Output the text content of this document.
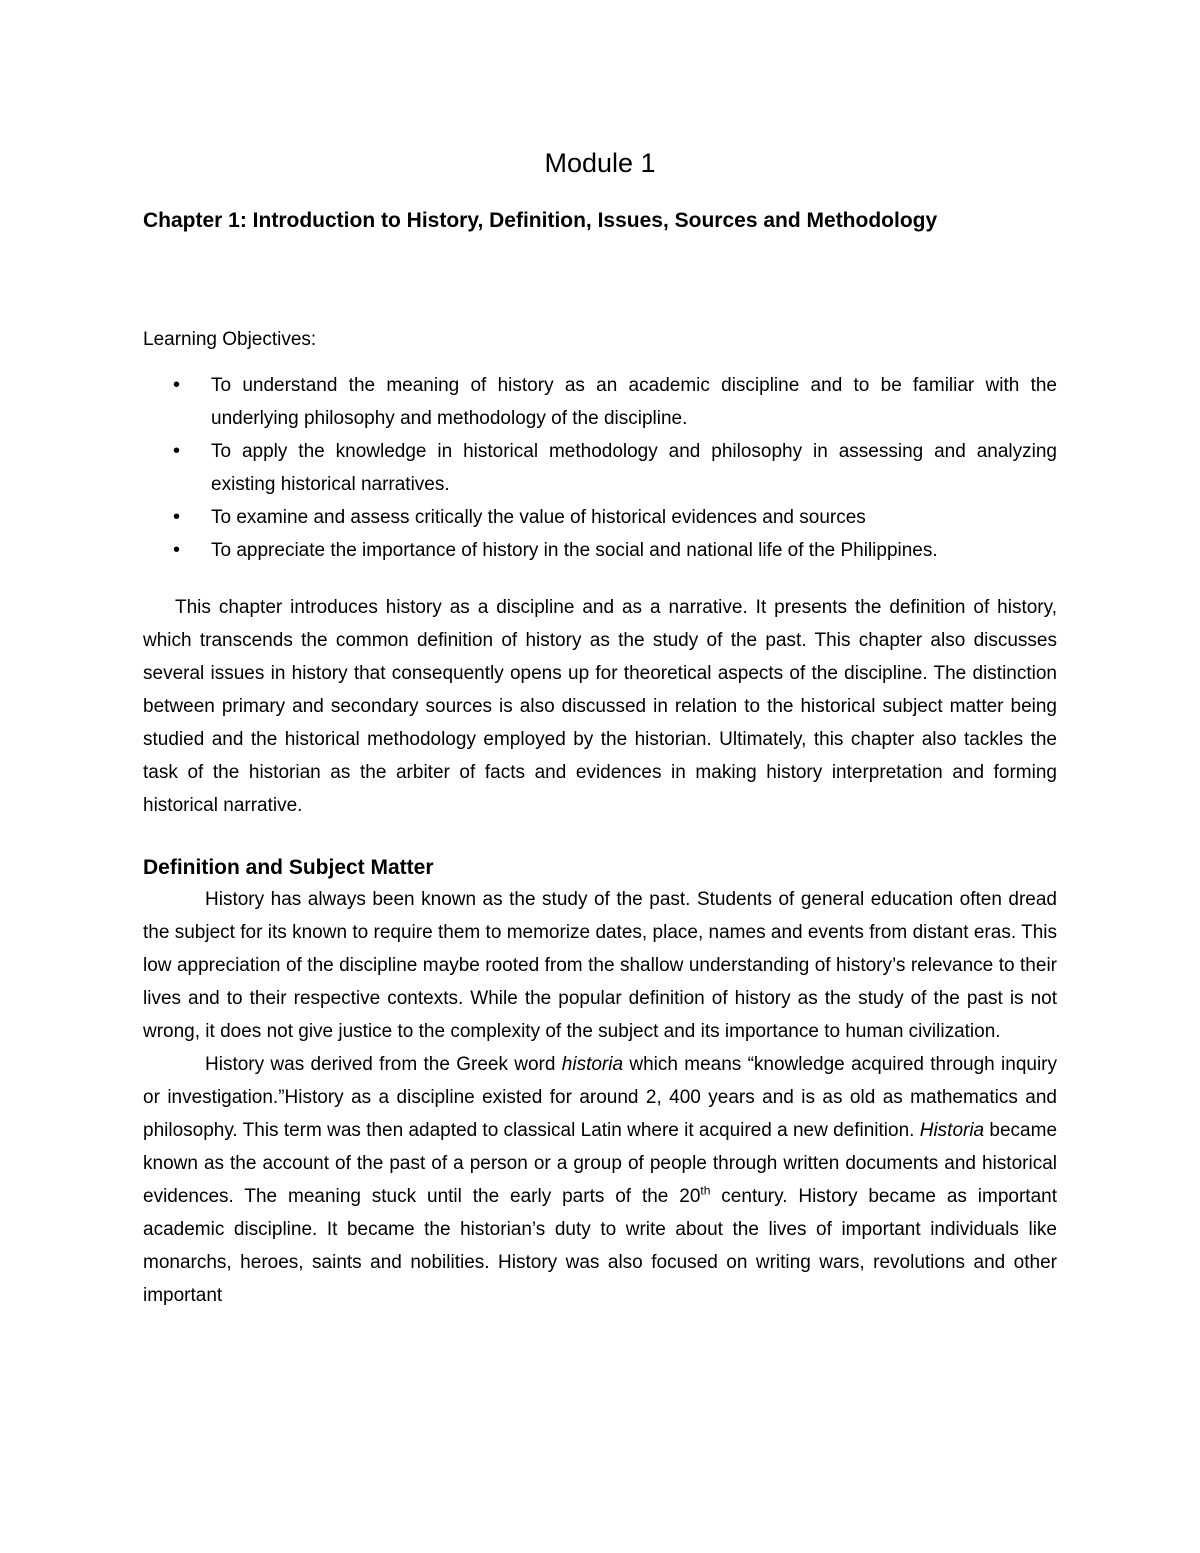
Module 1
Chapter 1: Introduction to History, Definition, Issues, Sources and Methodology

Learning Objectives:

• To understand the meaning of history as an academic discipline and to be familiar with the underlying philosophy and methodology of the discipline.
• To apply the knowledge in historical methodology and philosophy in assessing and analyzing existing historical narratives.
• To examine and assess critically the value of historical evidences and sources
• To appreciate the importance of history in the social and national life of the Philippines.

This chapter introduces history as a discipline and as a narrative. It presents the definition of history, which transcends the common definition of history as the study of the past. This chapter also discusses several issues in history that consequently opens up for theoretical aspects of the discipline. The distinction between primary and secondary sources is also discussed in relation to the historical subject matter being studied and the historical methodology employed by the historian. Ultimately, this chapter also tackles the task of the historian as the arbiter of facts and evidences in making history interpretation and forming historical narrative.

Definition and Subject Matter

History has always been known as the study of the past. Students of general education often dread the subject for its known to require them to memorize dates, place, names and events from distant eras. This low appreciation of the discipline maybe rooted from the shallow understanding of history’s relevance to their lives and to their respective contexts. While the popular definition of history as the study of the past is not wrong, it does not give justice to the complexity of the subject and its importance to human civilization.

History was derived from the Greek word historia which means “knowledge acquired through inquiry or investigation.”History as a discipline existed for around 2, 400 years and is as old as mathematics and philosophy. This term was then adapted to classical Latin where it acquired a new definition. Historia became known as the account of the past of a person or a group of people through written documents and historical evidences. The meaning stuck until the early parts of the 20th century. History became as important academic discipline. It became the historian’s duty to write about the lives of important individuals like monarchs, heroes, saints and nobilities. History was also focused on writing wars, revolutions and other important
